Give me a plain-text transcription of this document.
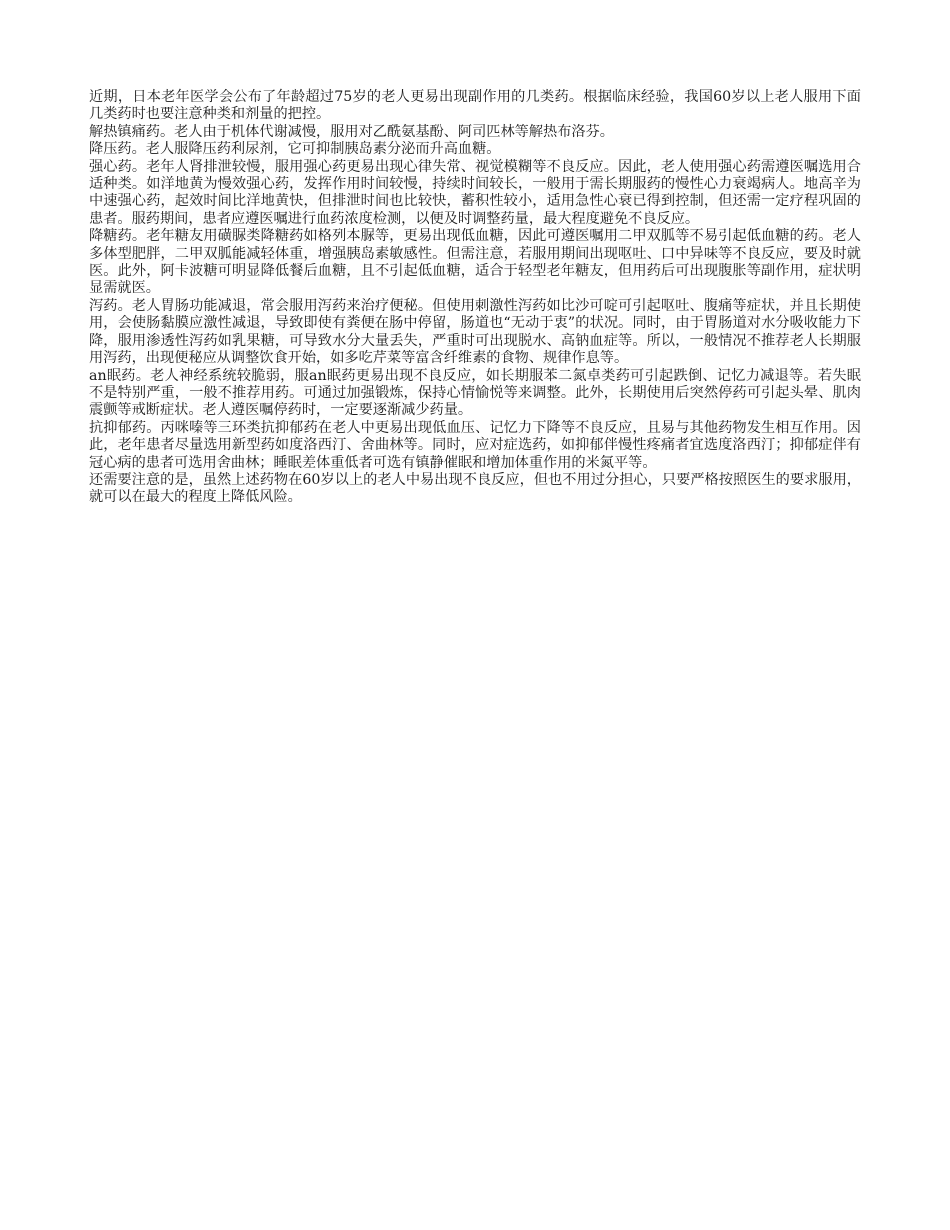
近期，日本老年医学会公布了年龄超过75岁的老人更易出现副作用的几类药。根据临床经验，我国60岁以上老人服用下面几类药时也要注意种类和剂量的把控。

解热镇痛药。老人由于机体代谢减慢，服用对乙酰氨基酚、阿司匹林等解热布洛芬。

降压药。老人服降压药利尿剂，它可抑制胰岛素分泌而升高血糖。

强心药。老年人肾排泄较慢，服用强心药更易出现心律失常、视觉模糊等不良反应。因此，老人使用强心药需遵医嘱选用合适种类。如洋地黄为慢效强心药，发挥作用时间较慢，持续时间较长，一般用于需长期服药的慢性心力衰竭病人。地高辛为中速强心药，起效时间比洋地黄快，但排泄时间也比较快，蓄积性较小，适用急性心衰已得到控制，但还需一定疗程巩固的患者。服药期间，患者应遵医嘱进行血药浓度检测，以便及时调整药量，最大程度避免不良反应。

降糖药。老年糖友用磺脲类降糖药如格列本脲等，更易出现低血糖，因此可遵医嘱用二甲双胍等不易引起低血糖的药。老人多体型肥胖，二甲双胍能减轻体重，增强胰岛素敏感性。但需注意，若服用期间出现呕吐、口中异味等不良反应，要及时就医。此外，阿卡波糖可明显降低餐后血糖，且不引起低血糖，适合于轻型老年糖友，但用药后可出现腹胀等副作用，症状明显需就医。

泻药。老人胃肠功能减退，常会服用泻药来治疗便秘。但使用刺激性泻药如比沙可啶可引起呕吐、腹痛等症状，并且长期使用，会使肠黏膜应激性减退，导致即使有粪便在肠中停留，肠道也“无动于衷”的状况。同时，由于胃肠道对水分吸收能力下降，服用渗透性泻药如乳果糖，可导致水分大量丢失，严重时可出现脱水、高钠血症等。所以，一般情况不推荐老人长期服用泻药，出现便秘应从调整饮食开始，如多吃芹菜等富含纤维素的食物、规律作息等。

an眠药。老人神经系统较脆弱，服an眠药更易出现不良反应，如长期服苯二氮卓类药可引起跌倒、记忆力减退等。若失眠不是特别严重，一般不推荐用药。可通过加强锻炼，保持心情愉悦等来调整。此外，长期使用后突然停药可引起头晕、肌肉震颤等戒断症状。老人遵医嘱停药时，一定要逐渐减少药量。

抗抑郁药。丙咪嗪等三环类抗抑郁药在老人中更易出现低血压、记忆力下降等不良反应，且易与其他药物发生相互作用。因此，老年患者尽量选用新型药如度洛西汀、舍曲林等。同时，应对症选药，如抑郁伴慢性疼痛者宜选度洛西汀；抑郁症伴有冠心病的患者可选用舍曲林；睡眠差体重低者可选有镇静催眠和增加体重作用的米氮平等。

还需要注意的是，虽然上述药物在60岁以上的老人中易出现不良反应，但也不用过分担心，只要严格按照医生的要求服用，就可以在最大的程度上降低风险。
